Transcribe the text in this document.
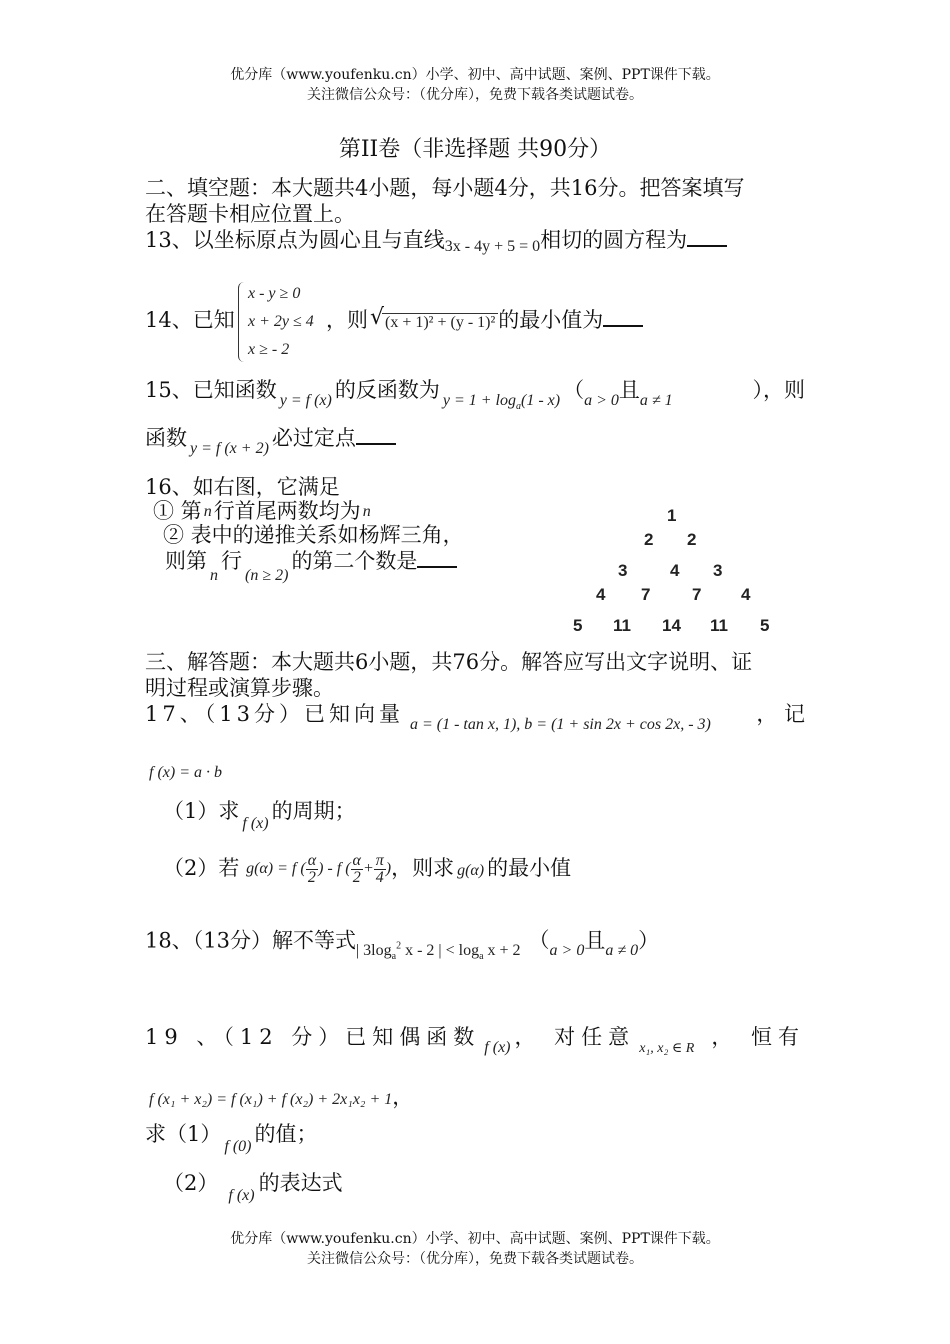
优分库（www.youfenku.cn）小学、初中、高中试题、案例、PPT课件下载。
关注微信公众号：（优分库），免费下载各类试题试卷。
第II卷（非选择题 共90分）
二、填空题：本大题共4小题，每小题4分，共16分。把答案填写
在答题卡相应位置上。
13、以坐标原点为圆心且与直线3x - 4y + 5 = 0相切的圆方程为
14、已知
x - y ≥ 0
x + 2y ≤ 4
x ≥ - 2
，则 √ (x + 1)² + (y - 1)² 的最小值为
15、已知函数 $_{y = f (x)}$ 的反函数为 $_{y = 1 + log_a(1 - x)}$ （$_{a > 0}$且$_{a \ne 1}$	），则
函数 $_{y = f (x + 2)}$ 必过定点
16、如右图，它满足
① 第 n行首尾两数均为 n
② 表中的递推关系如杨辉三角，
则第$_n$行$_{(n \ge 2)}$的第二个数是
1
2 2
3	4 3
4 7 7 4
5 11 14 11 5
三、解答题：本大题共6小题，共76分。解答应写出文字说明、证
明过程或演算步骤。
17、（13分）已知向量 $_{a = (1 - tan x, 1), b = (1 + sin 2x + cos 2x, - 3)}$ ， 记
f (x) = a · b
（1）求$_{f (x)}$的周期；
（2）若 g(α) = f ( $\frac{\alpha}{2}$ ) - f ( $\frac{\alpha}{2} + \frac{\pi}{4}$ )，则求 g(α) 的最小值
18、（13分）解不等式$_{| 3log_a^2 x - 2 | < log_a x + 2}$ （$_{a > 0}$且$_{a \ne 0}$）
19 、（12 分）已知偶函数 $_{f (x)}$ ， 对任意 $_{x_1, x_2 \in R}$ ， 恒有
f (x₁ + x₂) = f (x₁) + f (x₂) + 2x₁x₂ + 1，
求$(1)_{f (0)}$的值；
$(2)_{f (x)}$的表达式
优分库（www.youfenku.cn）小学、初中、高中试题、案例、PPT课件下载。
关注微信公众号：（优分库），免费下载各类试题试卷。
